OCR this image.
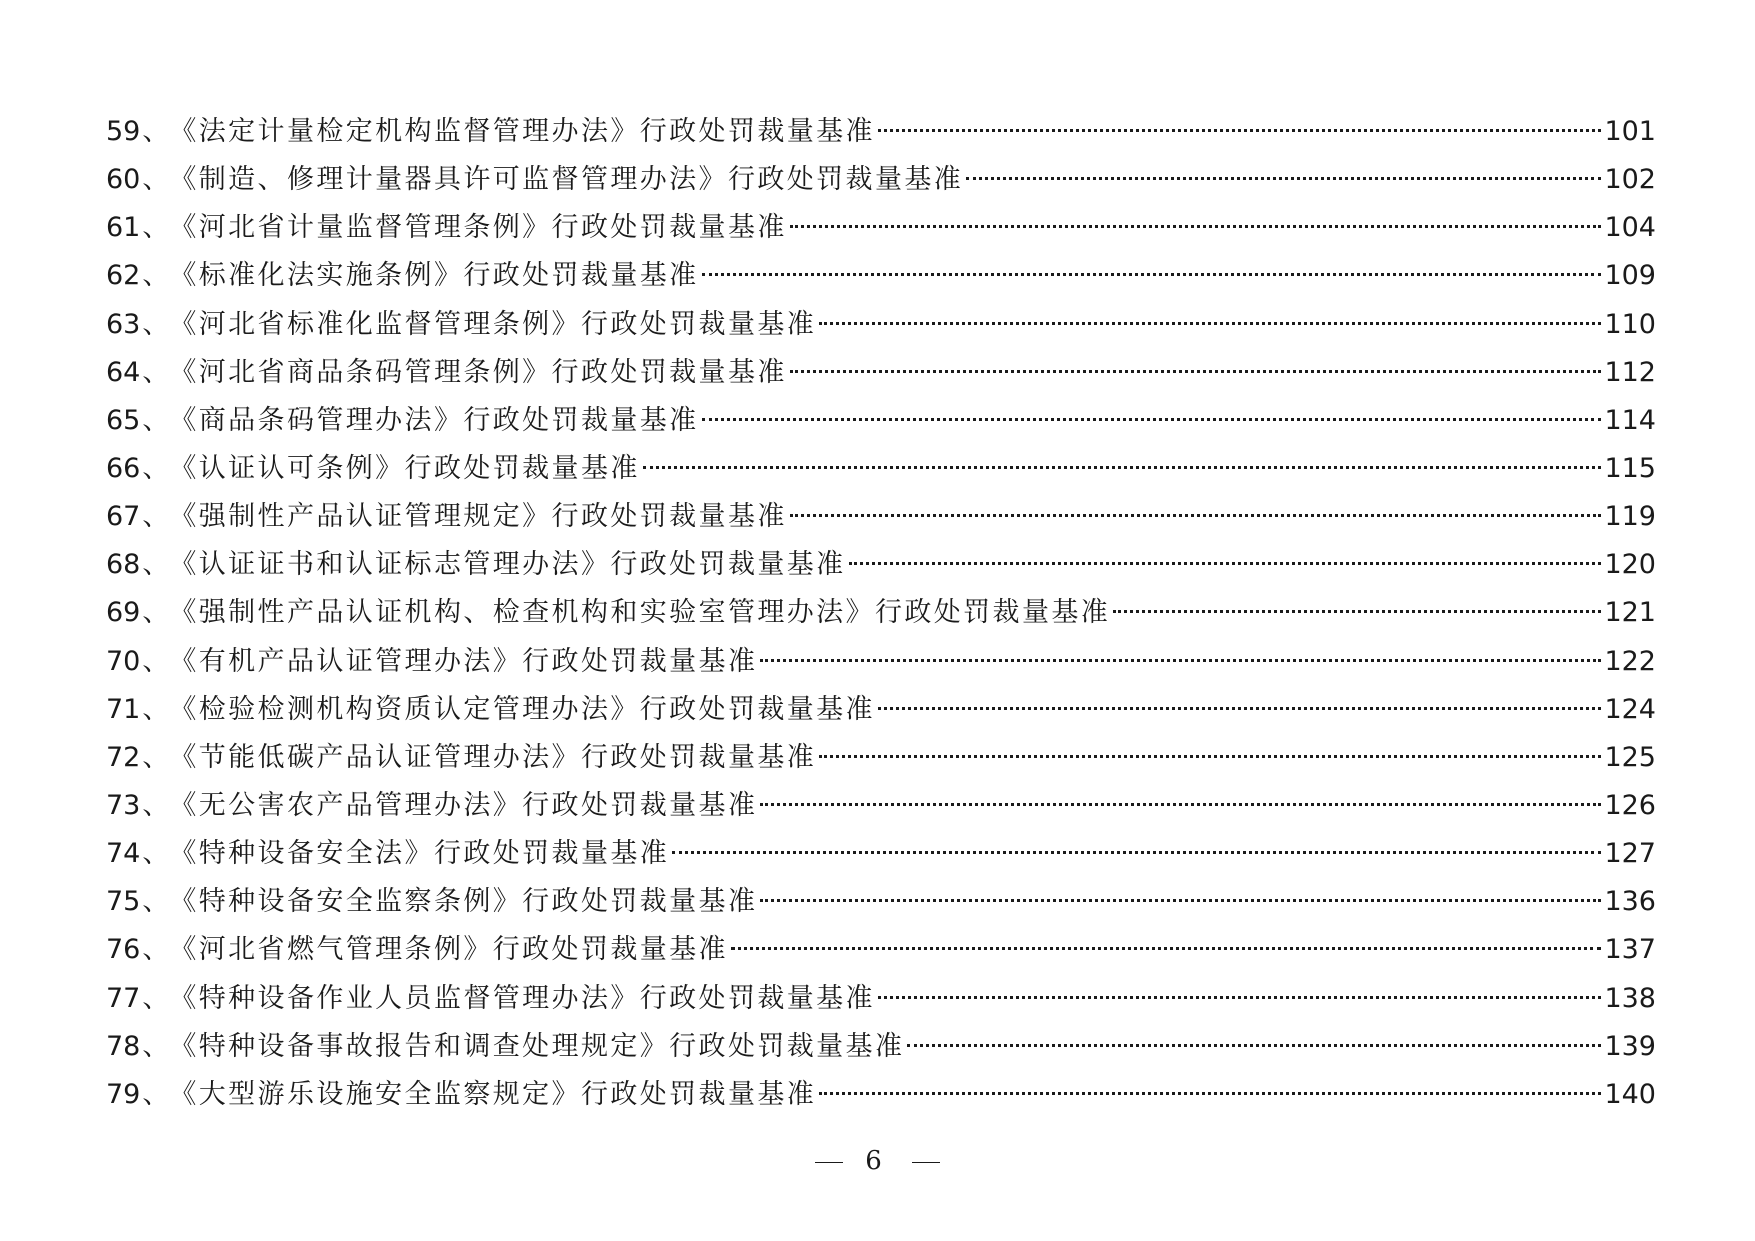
59 、 《法定计量检定机构监督管理办法》行政处罚裁量基准	101
60 、 《制造、修理计量器具许可监督管理办法》行政处罚裁量基准	102
61 、 《河北省计量监督管理条例》行政处罚裁量基准	104
62 、 《标准化法实施条例》行政处罚裁量基准	109
63 、 《河北省标准化监督管理条例》行政处罚裁量基准	110
64 、 《河北省商品条码管理条例》行政处罚裁量基准	112
65 、 《商品条码管理办法》行政处罚裁量基准	114
66 、 《认证认可条例》行政处罚裁量基准	115
67 、 《强制性产品认证管理规定》行政处罚裁量基准	119
68 、 《认证证书和认证标志管理办法》行政处罚裁量基准	120
69 、 《强制性产品认证机构、检查机构和实验室管理办法》行政处罚裁量基准	121
70 、 《有机产品认证管理办法》行政处罚裁量基准	122
71 、 《检验检测机构资质认定管理办法》行政处罚裁量基准	124
72 、 《节能低碳产品认证管理办法》行政处罚裁量基准	125
73 、 《无公害农产品管理办法》行政处罚裁量基准	126
74 、 《特种设备安全法》行政处罚裁量基准	127
75 、 《特种设备安全监察条例》行政处罚裁量基准	136
76 、 《河北省燃气管理条例》行政处罚裁量基准	137
77 、 《特种设备作业人员监督管理办法》行政处罚裁量基准	138
78 、 《特种设备事故报告和调查处理规定》行政处罚裁量基准	139
79 、 《大型游乐设施安全监察规定》行政处罚裁量基准	140
6
